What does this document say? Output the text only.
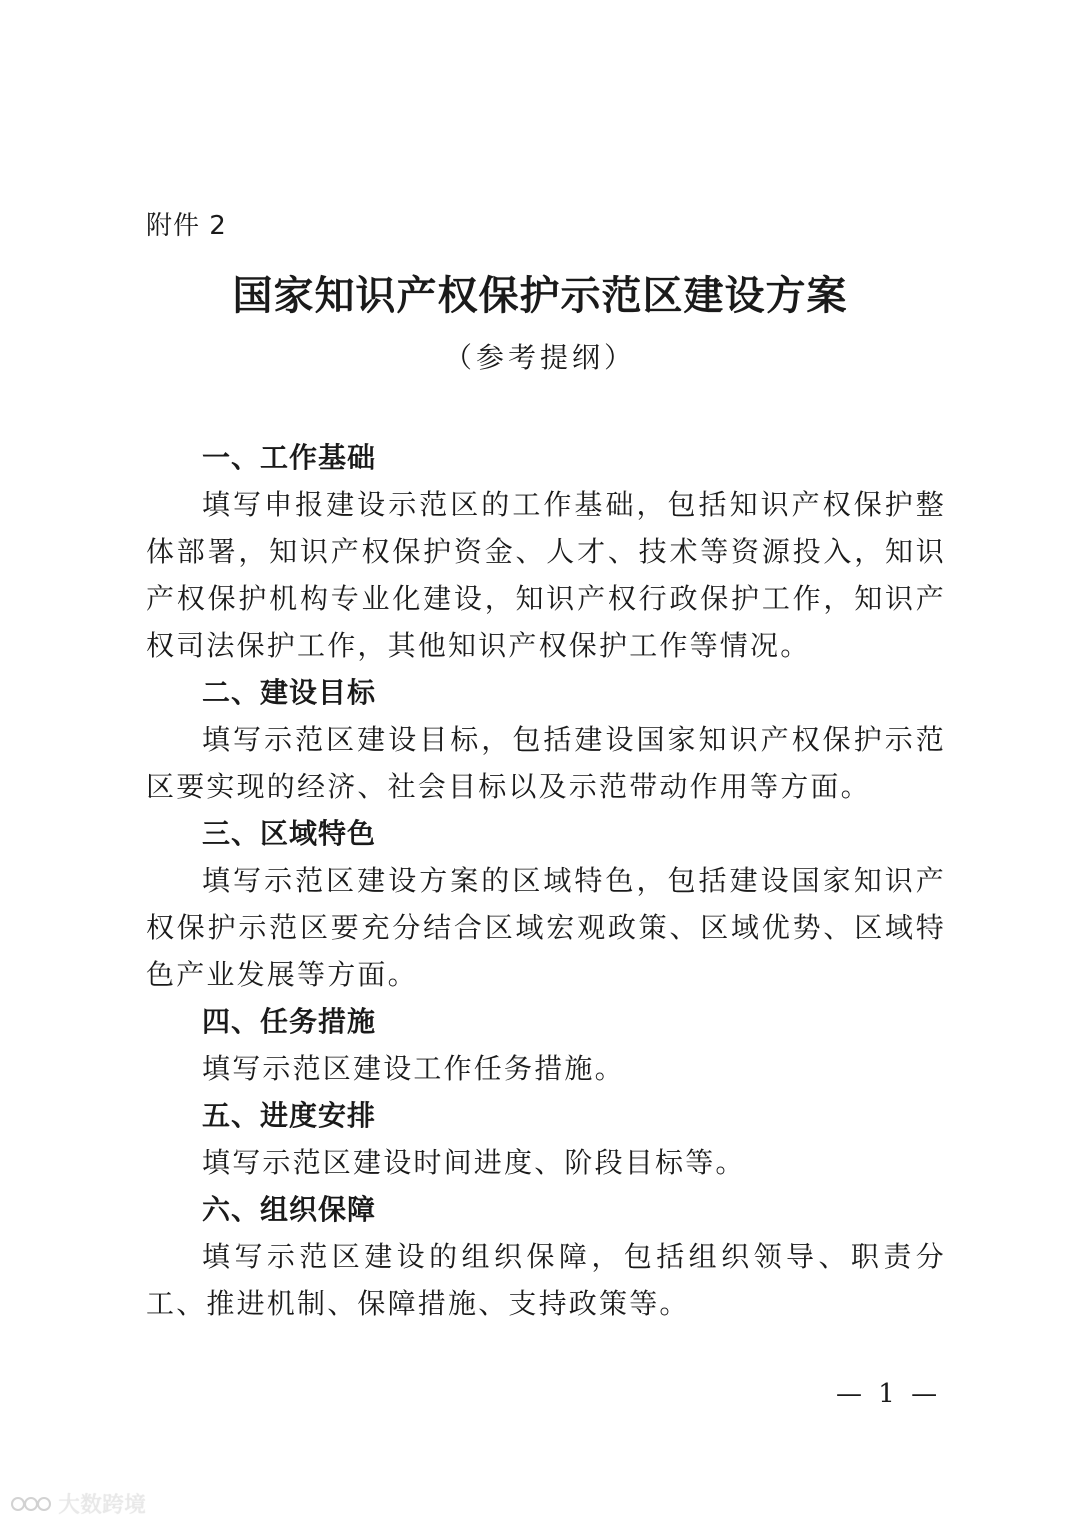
附件 2
国家知识产权保护示范区建设方案
（参考提纲）

一、工作基础

填写申报建设示范区的工作基础，包括知识产权保护整体部署，知识产权保护资金、人才、技术等资源投入，知识产权保护机构专业化建设，知识产权行政保护工作，知识产权司法保护工作，其他知识产权保护工作等情况。

二、建设目标

填写示范区建设目标，包括建设国家知识产权保护示范区要实现的经济、社会目标以及示范带动作用等方面。

三、区域特色

填写示范区建设方案的区域特色，包括建设国家知识产权保护示范区要充分结合区域宏观政策、区域优势、区域特色产业发展等方面。

四、任务措施

填写示范区建设工作任务措施。

五、进度安排

填写示范区建设时间进度、阶段目标等。

六、组织保障

填写示范区建设的组织保障，包括组织领导、职责分工、推进机制、保障措施、支持政策等。

— 1 —
大数跨境
